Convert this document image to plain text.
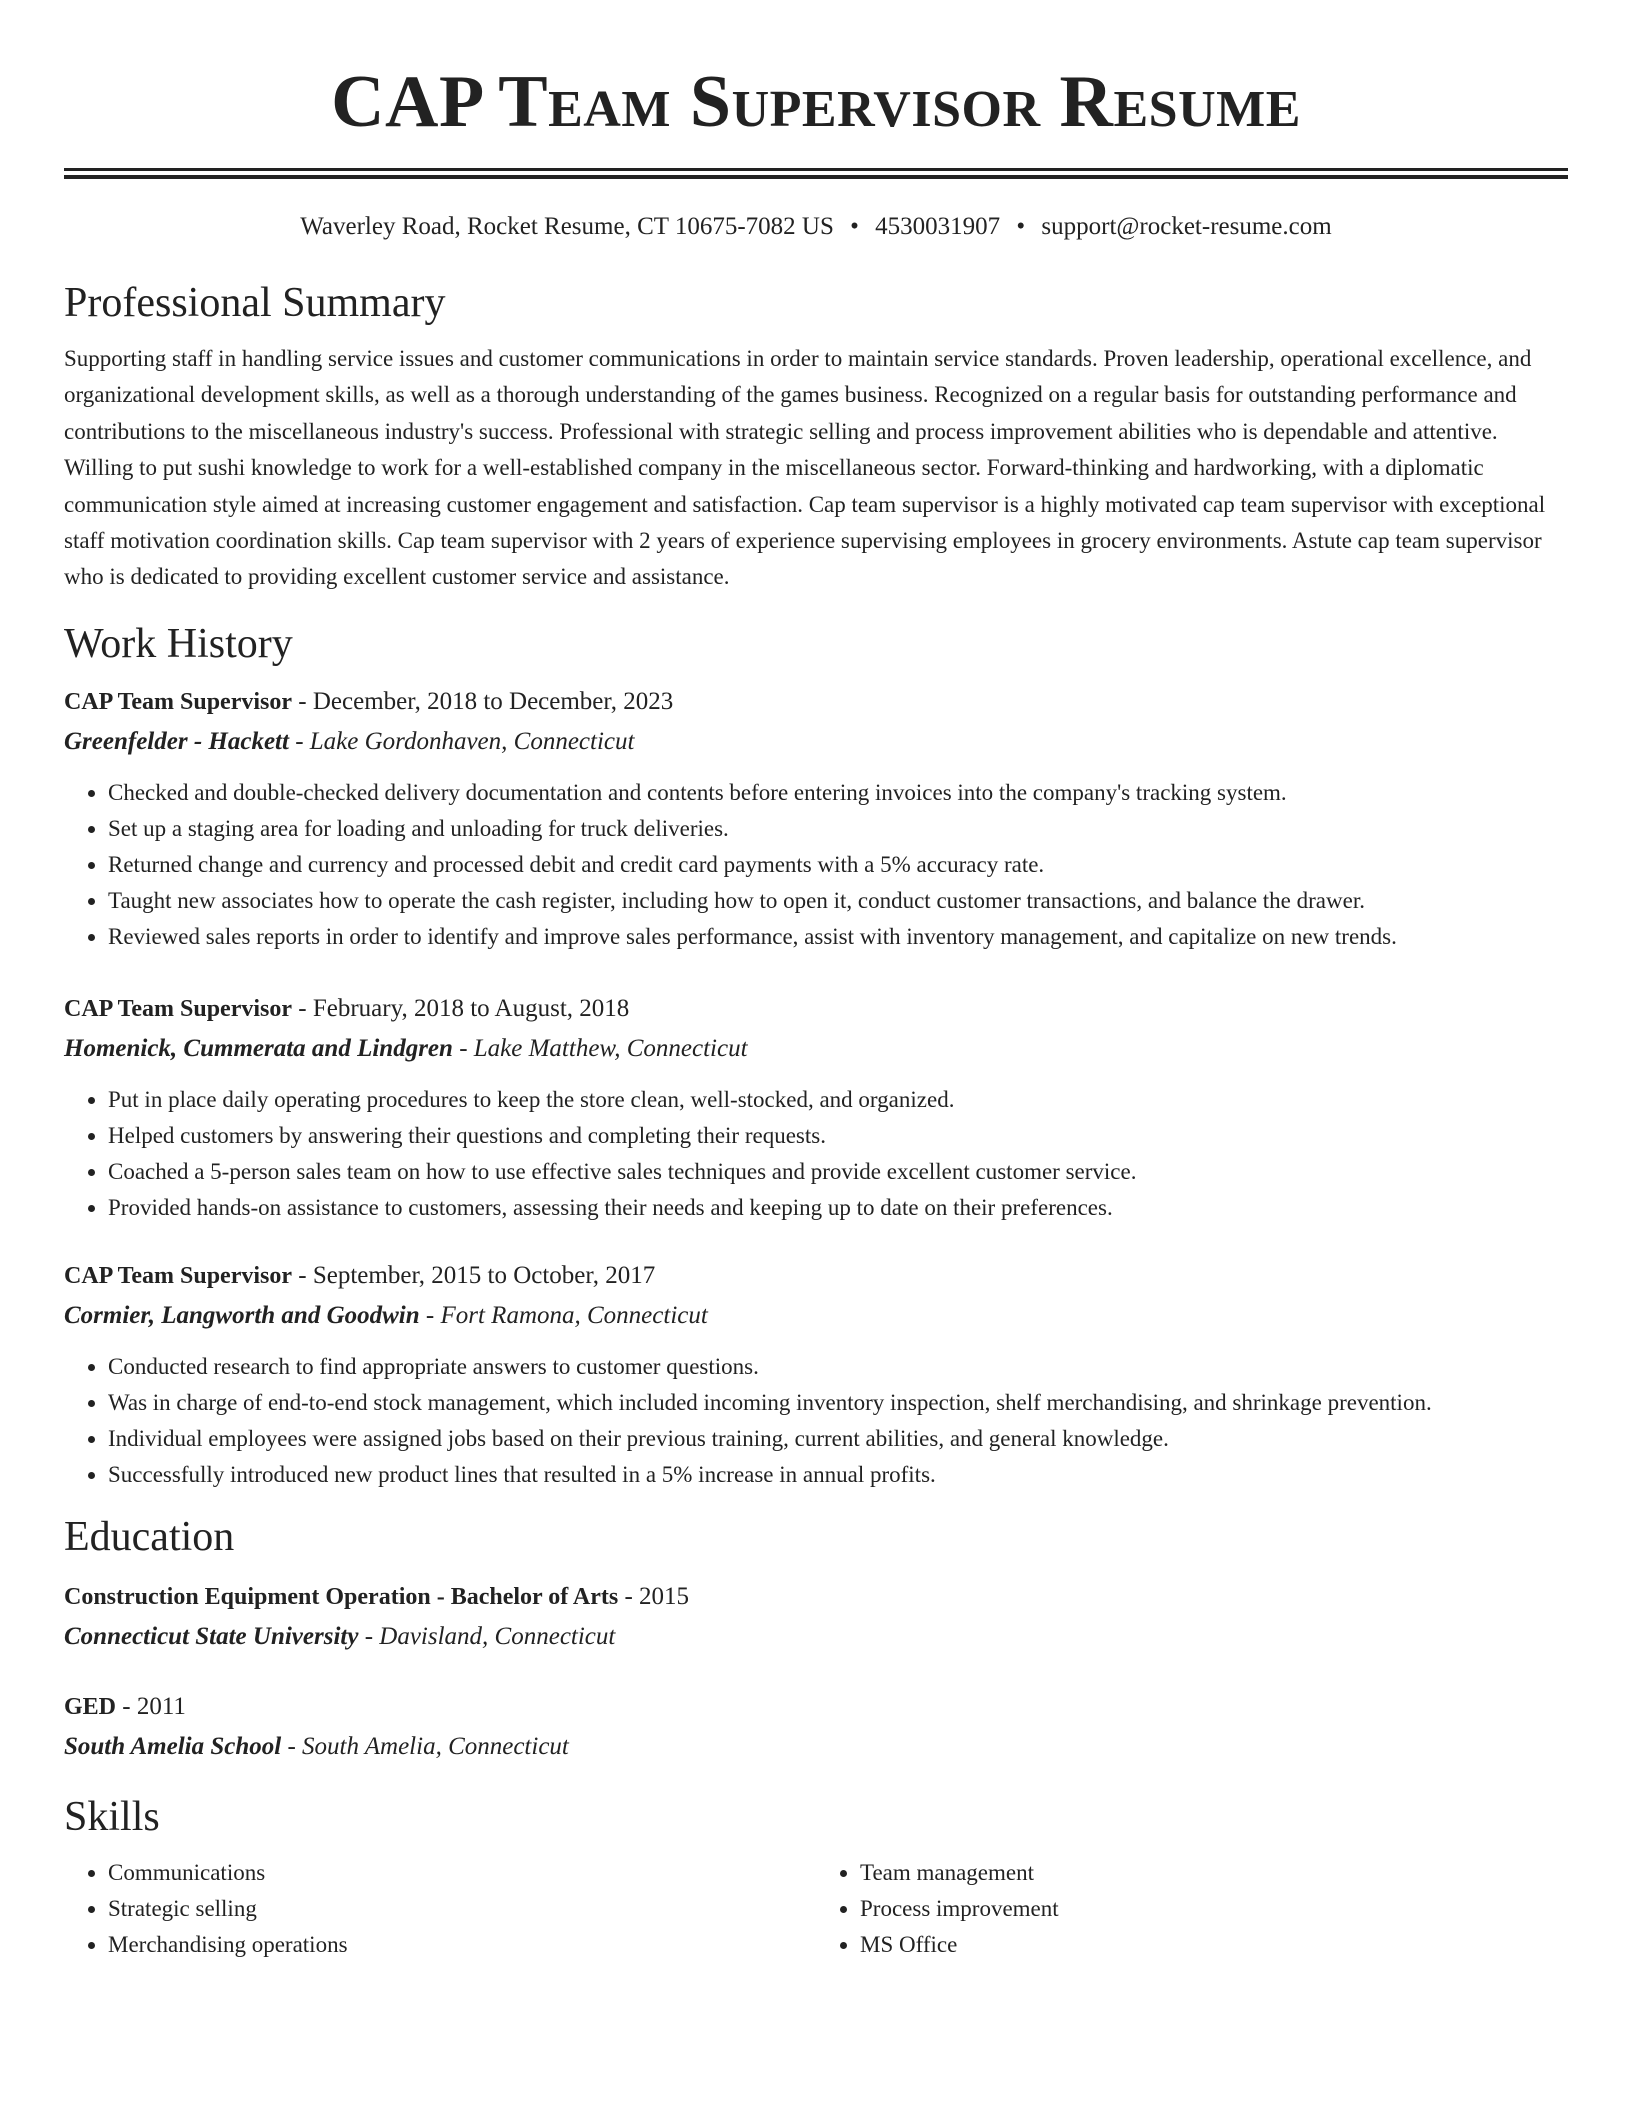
CAP Team Supervisor Resume
Waverley Road, Rocket Resume, CT 10675-7082 US • 4530031907 • support@rocket-resume.com
Professional Summary
Supporting staff in handling service issues and customer communications in order to maintain service standards. Proven leadership, operational excellence, and organizational development skills, as well as a thorough understanding of the games business. Recognized on a regular basis for outstanding performance and contributions to the miscellaneous industry's success. Professional with strategic selling and process improvement abilities who is dependable and attentive. Willing to put sushi knowledge to work for a well-established company in the miscellaneous sector. Forward-thinking and hardworking, with a diplomatic communication style aimed at increasing customer engagement and satisfaction. Cap team supervisor is a highly motivated cap team supervisor with exceptional staff motivation coordination skills. Cap team supervisor with 2 years of experience supervising employees in grocery environments. Astute cap team supervisor who is dedicated to providing excellent customer service and assistance.
Work History
CAP Team Supervisor - December, 2018 to December, 2023
Greenfelder - Hackett - Lake Gordonhaven, Connecticut
• Checked and double-checked delivery documentation and contents before entering invoices into the company's tracking system.
• Set up a staging area for loading and unloading for truck deliveries.
• Returned change and currency and processed debit and credit card payments with a 5% accuracy rate.
• Taught new associates how to operate the cash register, including how to open it, conduct customer transactions, and balance the drawer.
• Reviewed sales reports in order to identify and improve sales performance, assist with inventory management, and capitalize on new trends.
CAP Team Supervisor - February, 2018 to August, 2018
Homenick, Cummerata and Lindgren - Lake Matthew, Connecticut
• Put in place daily operating procedures to keep the store clean, well-stocked, and organized.
• Helped customers by answering their questions and completing their requests.
• Coached a 5-person sales team on how to use effective sales techniques and provide excellent customer service.
• Provided hands-on assistance to customers, assessing their needs and keeping up to date on their preferences.
CAP Team Supervisor - September, 2015 to October, 2017
Cormier, Langworth and Goodwin - Fort Ramona, Connecticut
• Conducted research to find appropriate answers to customer questions.
• Was in charge of end-to-end stock management, which included incoming inventory inspection, shelf merchandising, and shrinkage prevention.
• Individual employees were assigned jobs based on their previous training, current abilities, and general knowledge.
• Successfully introduced new product lines that resulted in a 5% increase in annual profits.
Education
Construction Equipment Operation - Bachelor of Arts - 2015
Connecticut State University - Davisland, Connecticut
GED - 2011
South Amelia School - South Amelia, Connecticut
Skills
• Communications
• Strategic selling
• Merchandising operations
• Team management
• Process improvement
• MS Office
